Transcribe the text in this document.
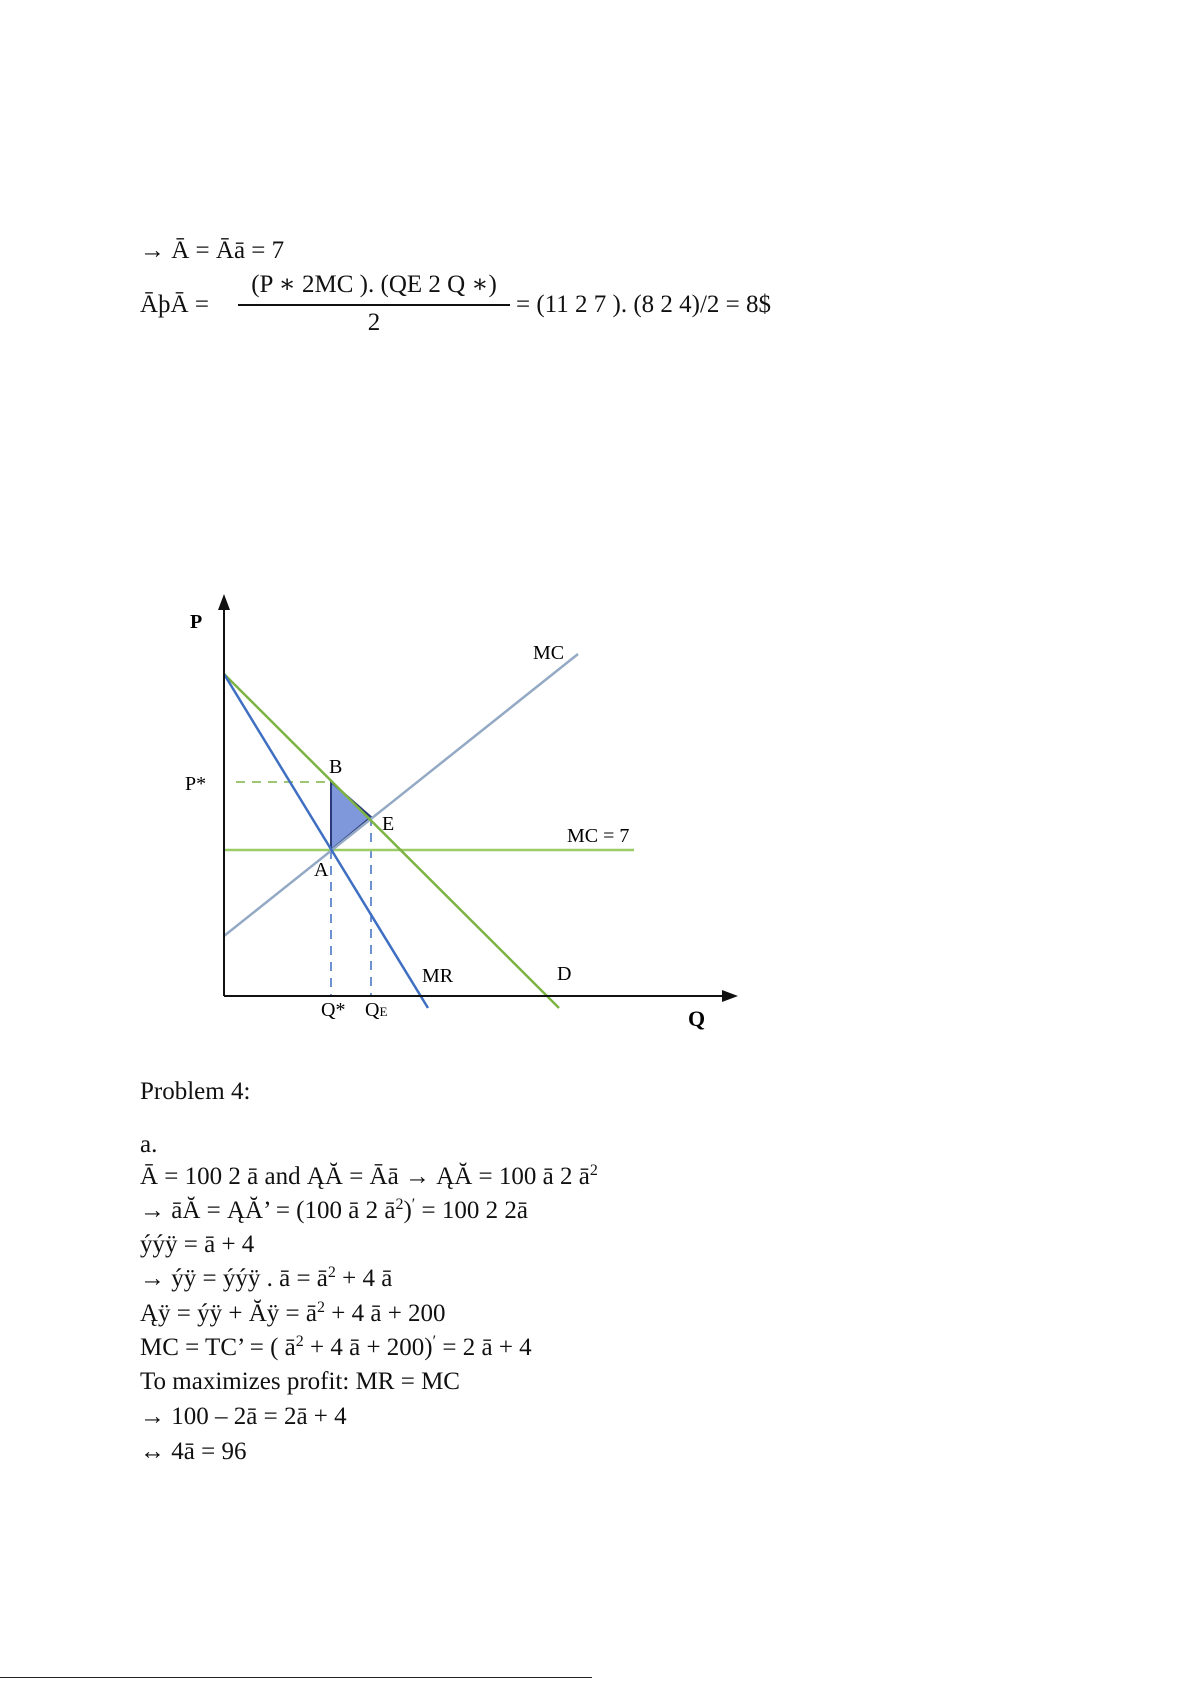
→ Ā = Āā = 7
ĀþĀ =
(P ∗ 2MC ). (QE 2 Q ∗)
2
= (11 2 7 ). (8 2 4)/2 = 8$
P
Q
P*
B
E
A
MC
MC = 7
MR	D
Q* QE
Problem 4:
a.
Ā = 100 2 ā and ĄĂ = Āā → ĄĂ = 100 ā 2 $ā^2$
→ āĂ = ĄĂ’ = (100 ā 2 $ā^2)' = 100$ 2 2ā
ýýÿ = ā + 4
→ ýÿ = ýýÿ . ā = $ā^2 + 4$ ā
Ąÿ = ýÿ + Ăÿ = $ā^2 + 4$ ā + 200
MC = TC’ = ( $ā^2 + 4$ ā + 200)′ = 2 ā + 4
To maximizes profit: MR = MC
→ 100 – 2ā = 2ā + 4
↔ 4ā = 96
